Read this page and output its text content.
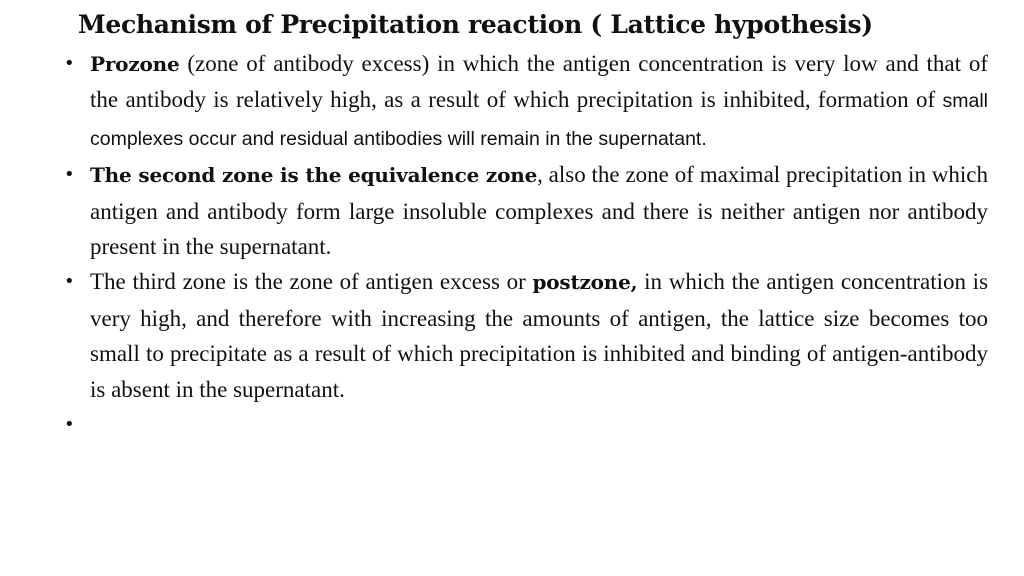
Mechanism of Precipitation reaction ( Lattice hypothesis)
• Prozone (zone of antibody excess) in which the antigen concentration is very low and that of the antibody is relatively high, as a result of which precipitation is inhibited, formation of small complexes occur and residual antibodies will remain in the supernatant.
• The second zone is the equivalence zone, also the zone of maximal precipitation in which antigen and antibody form large insoluble complexes and there is neither antigen nor antibody present in the supernatant.
• The third zone is the zone of antigen excess or postzone, in which the antigen concentration is very high, and therefore with increasing the amounts of antigen, the lattice size becomes too small to precipitate as a result of which precipitation is inhibited and binding of antigen-antibody is absent in the supernatant.
•
